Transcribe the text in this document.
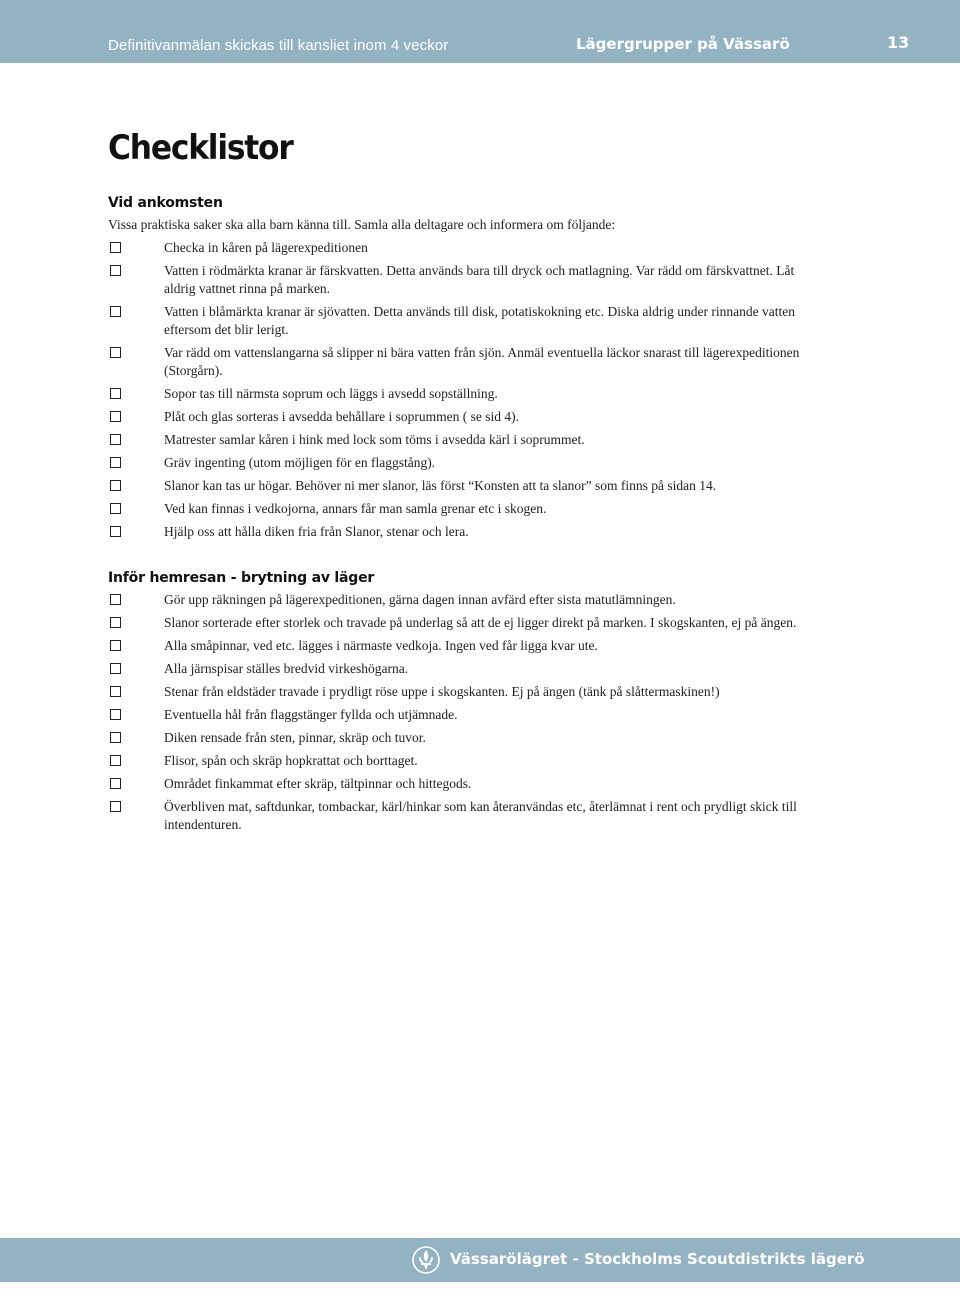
Definitivanmälan skickas till kansliet inom 4 veckor	Lägergrupper på Vässarö	13
Checklistor
Vid ankomsten

Vissa praktiska saker ska alla barn känna till. Samla alla deltagare och informera om följande:

Checka in kåren på lägerexpeditionen
Vatten i rödmärkta kranar är färskvatten. Detta används bara till dryck och matlagning. Var rädd om färskvattnet. Låt aldrig vattnet rinna på marken.
Vatten i blåmärkta kranar är sjövatten. Detta används till disk, potatiskokning etc. Diska aldrig under rinnande vatten eftersom det blir lerigt.
Var rädd om vattenslangarna så slipper ni bära vatten från sjön. Anmäl eventuella läckor snarast till lägerexpeditionen (Storgårn).
Sopor tas till närmsta soprum och läggs i avsedd sopställning.
Plåt och glas sorteras i avsedda behållare i soprummen ( se sid 4).
Matrester samlar kåren i hink med lock som töms i avsedda kärl i soprummet.
Gräv ingenting (utom möjligen för en flaggstång).
Slanor kan tas ur högar. Behöver ni mer slanor, läs först “Konsten att ta slanor” som finns på sidan 14.
Ved kan finnas i vedkojorna, annars får man samla grenar etc i skogen.
Hjälp oss att hålla diken fria från Slanor, stenar och lera.
Inför hemresan - brytning av läger
Gör upp räkningen på lägerexpeditionen, gärna dagen innan avfärd efter sista matutlämningen.
Slanor sorterade efter storlek och travade på underlag så att de ej ligger direkt på marken. I skogskanten, ej på ängen.
Alla småpinnar, ved etc. lägges i närmaste vedkoja. Ingen ved får ligga kvar ute.
Alla järnspisar ställes bredvid virkeshögarna.
Stenar från eldstäder travade i prydligt röse uppe i skogskanten. Ej på ängen (tänk på slåttermaskinen!)
Eventuella hål från flaggstänger fyllda och utjämnade.
Diken rensade från sten, pinnar, skräp och tuvor.
Flisor, spån och skräp hopkrattat och borttaget.
Området finkammat efter skräp, tältpinnar och hittegods.
Överbliven mat, saftdunkar, tombackar, kärl/hinkar som kan återanvändas etc, återlämnat i rent och prydligt skick till intendenturen.
Vässarölägret - Stockholms Scoutdistrikts lägerö
